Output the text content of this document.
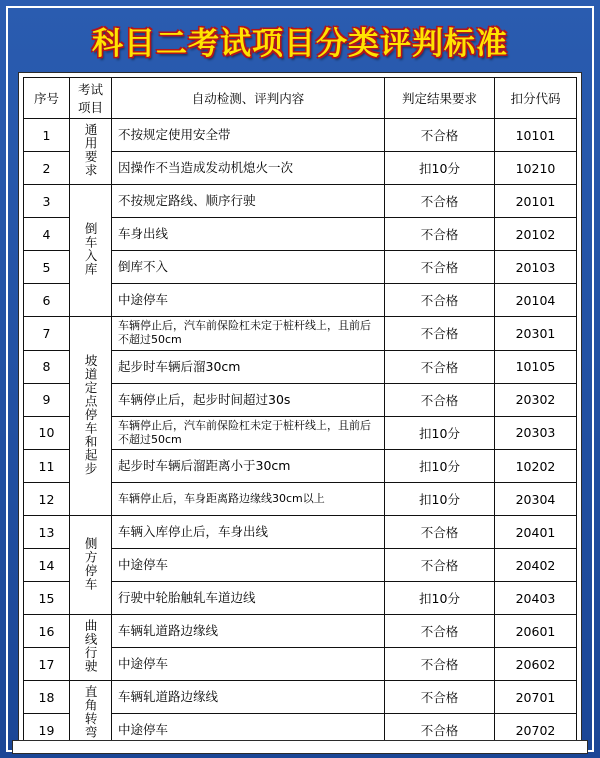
科目二考试项目分类评判标准
序号	考试项目	自动检测、评判内容	判定结果要求	扣分代码
1	通用要求	不按规定使用安全带	不合格	10101
2		因操作不当造成发动机熄火一次	扣10分	10210
3	倒车入库	不按规定路线、顺序行驶	不合格	20101
4		车身出线	不合格	20102
5		倒库不入	不合格	20103
6		中途停车	不合格	20104
7	坡道定点停车和起步	车辆停止后，汽车前保险杠未定于桩杆线上，且前后不超过50cm	不合格	20301
8		起步时车辆后溜30cm	不合格	10105
9		车辆停止后，起步时间超过30s	不合格	20302
10		车辆停止后，汽车前保险杠未定于桩杆线上，且前后不超过50cm	扣10分	20303
11		起步时车辆后溜距离小于30cm	扣10分	10202
12		车辆停止后，车身距离路边缘线30cm以上	扣10分	20304
13	侧方停车	车辆入库停止后，车身出线	不合格	20401
14		中途停车	不合格	20402
15		行驶中轮胎触轧车道边线	扣10分	20403
16	曲线行驶	车辆轧道路边缘线	不合格	20601
17		中途停车	不合格	20602
18	直角转弯	车辆轧道路边缘线	不合格	20701
19		中途停车	不合格	20702
